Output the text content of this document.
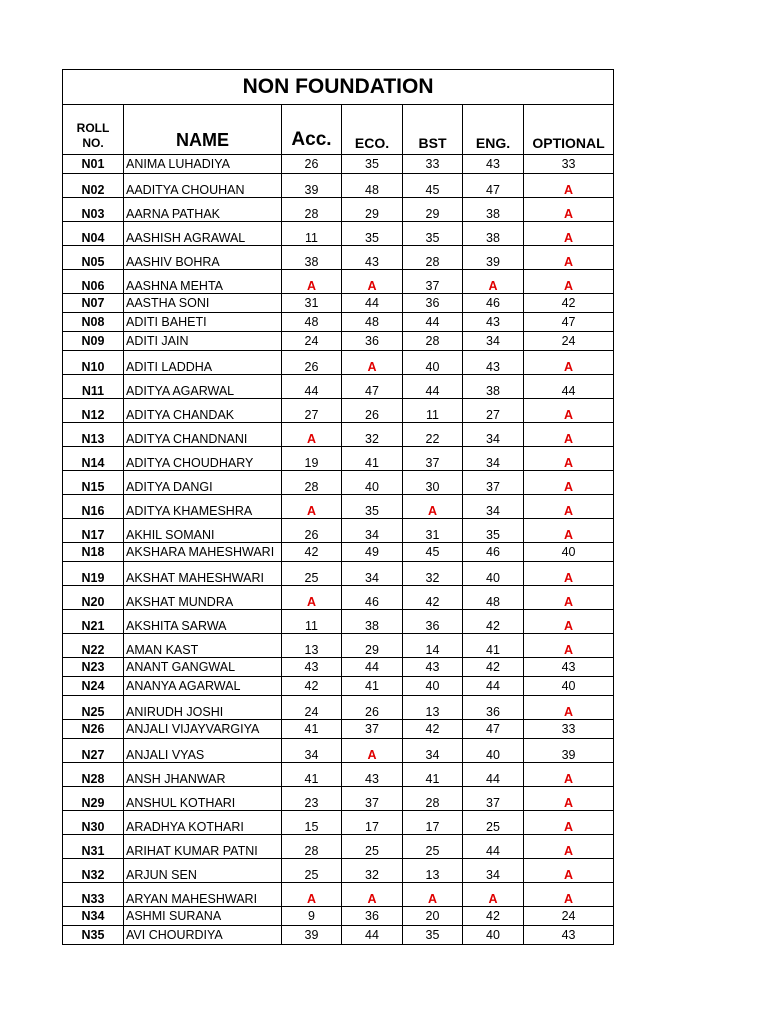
NON FOUNDATION						
ROLL
NO.	NAME	Acc.	ECO.	BST	ENG.	OPTIONAL
N01	ANIMA LUHADIYA	26	35	33	43	33
N02	AADITYA CHOUHAN	39	48	45	47	A
N03	AARNA PATHAK	28	29	29	38	A
N04	AASHISH AGRAWAL	11	35	35	38	A
N05	AASHIV BOHRA	38	43	28	39	A
N06	AASHNA MEHTA	A	A	37	A	A
N07	AASTHA SONI	31	44	36	46	42
N08	ADITI BAHETI	48	48	44	43	47
N09	ADITI JAIN	24	36	28	34	24
N10	ADITI LADDHA	26	A	40	43	A
N11	ADITYA AGARWAL	44	47	44	38	44
N12	ADITYA CHANDAK	27	26	11	27	A
N13	ADITYA CHANDNANI	A	32	22	34	A
N14	ADITYA CHOUDHARY	19	41	37	34	A
N15	ADITYA DANGI	28	40	30	37	A
N16	ADITYA KHAMESHRA	A	35	A	34	A
N17	AKHIL SOMANI	26	34	31	35	A
N18	AKSHARA MAHESHWARI	42	49	45	46	40
N19	AKSHAT MAHESHWARI	25	34	32	40	A
N20	AKSHAT MUNDRA	A	46	42	48	A
N21	AKSHITA SARWA	11	38	36	42	A
N22	AMAN KAST	13	29	14	41	A
N23	ANANT GANGWAL	43	44	43	42	43
N24	ANANYA AGARWAL	42	41	40	44	40
N25	ANIRUDH JOSHI	24	26	13	36	A
N26	ANJALI VIJAYVARGIYA	41	37	42	47	33
N27	ANJALI VYAS	34	A	34	40	39
N28	ANSH JHANWAR	41	43	41	44	A
N29	ANSHUL KOTHARI	23	37	28	37	A
N30	ARADHYA KOTHARI	15	17	17	25	A
N31	ARIHAT KUMAR PATNI	28	25	25	44	A
N32	ARJUN SEN	25	32	13	34	A
N33	ARYAN MAHESHWARI	A	A	A	A	A
N34	ASHMI SURANA	9	36	20	42	24
N35	AVI CHOURDIYA	39	44	35	40	43
